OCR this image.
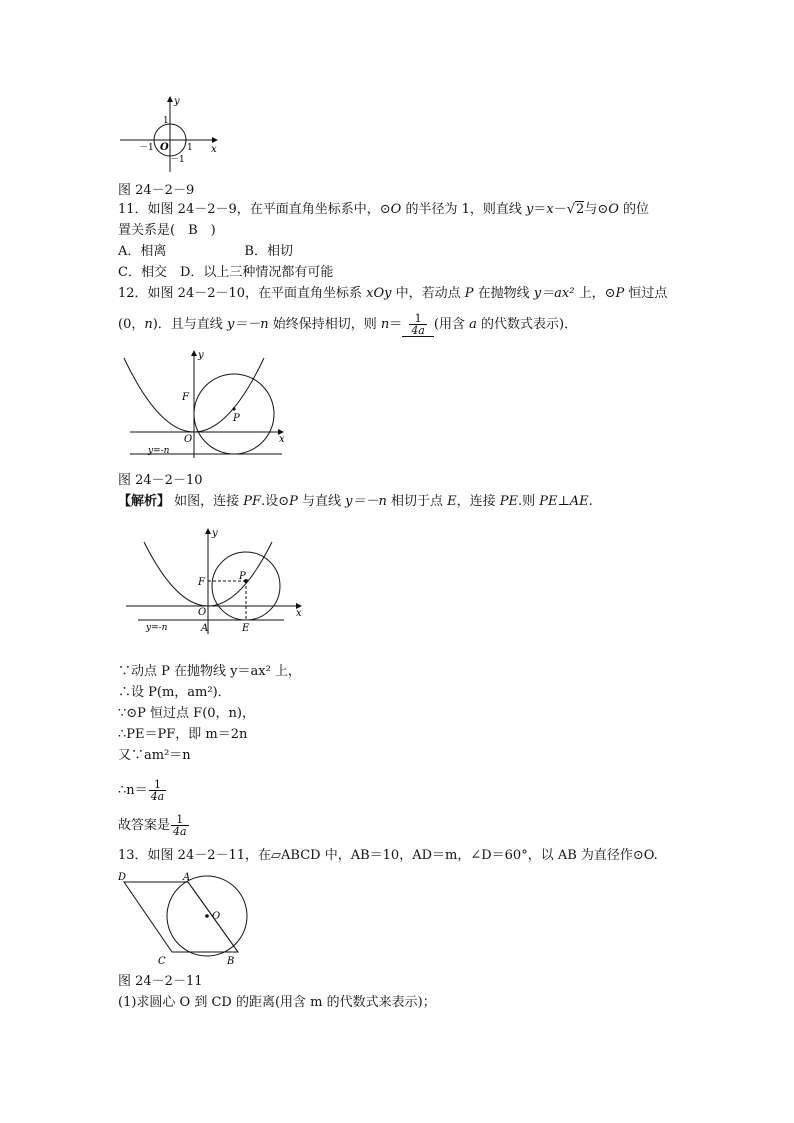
y
x
O
1
－1	1
－1
图 24－2－9
11．如图 24－2－9，在平面直角坐标系中，⊙O 的半径为 1，则直线 y＝x－√2与⊙O 的位
置关系是(　B　)
A．相离　　　　　　B．相切
C．相交　D．以上三种情况都有可能
12．如图 24－2－10，在平面直角坐标系 xOy 中，若动点 P 在抛物线 y＝ax² 上，⊙P 恒过点
(0，n)．且与直线 y＝－n 始终保持相切，则 $n= \frac{1}{4a}$ (用含 a 的代数式表示)．
y
x
F
O
P
y=-n
图 24－2－10
【解析】 如图，连接 PF.设⊙P 与直线 y＝－n 相切于点 E，连接 PE.则 PE⊥AE.
y
x
F
O
P
A	E
y=-n
∵动点 P 在抛物线 y＝ax² 上，
∴设 P(m，am²)．
∵⊙P 恒过点 F(0，n)，
∴PE＝PF，即 m＝2n
又∵am²＝n
∴n＝ $\frac{1}{4a}$
故答案是 $\frac{1}{4a}$
13．如图 24－2－11，在▱ABCD 中，AB＝10，AD＝m，∠D＝60°，以 AB 为直径作⊙O.
D	A
O
C	B
图 24－2－11
(1)求圆心 O 到 CD 的距离(用含 m 的代数式来表示)；
